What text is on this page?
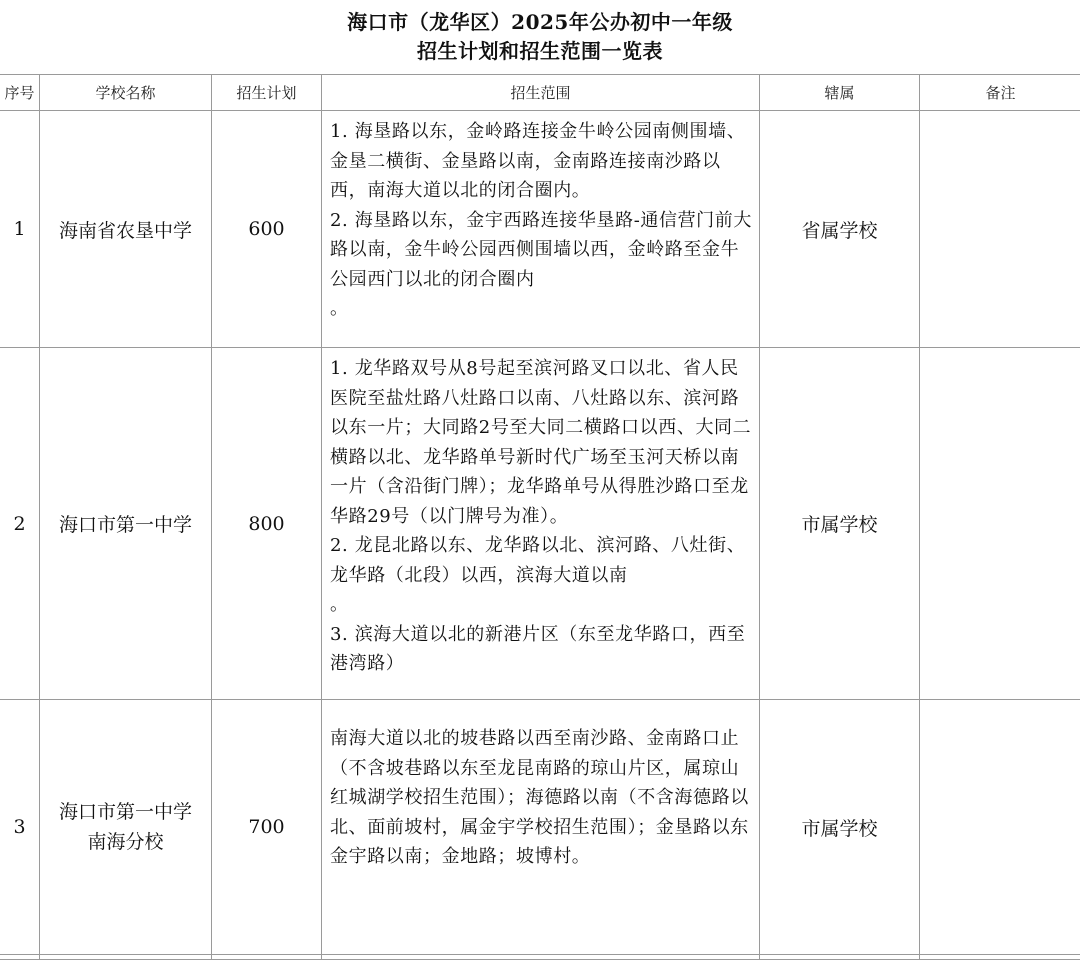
海口市（龙华区）2025年公办初中一年级
招生计划和招生范围一览表
序号	学校名称	招生计划	招生范围	辖属	备注
1	海南省农垦中学	600	1. 海垦路以东，金岭路连接金牛岭公园南侧围墙、金垦二横街、金垦路以南，金南路连接南沙路以西，南海大道以北的闭合圈内。

2. 海垦路以东，金宇西路连接华垦路-通信营门前大路以南，金牛岭公园西侧围墙以西，金岭路至金牛公园西门以北的闭合圈内

。	省属学校	
2	海口市第一中学	800	1. 龙华路双号从8号起至滨河路叉口以北、省人民医院至盐灶路八灶路口以南、八灶路以东、滨河路以东一片；大同路2号至大同二横路口以西、大同二横路以北、龙华路单号新时代广场至玉河天桥以南一片（含沿街门牌）；龙华路单号从得胜沙路口至龙华路29号（以门牌号为准）。

2. 龙昆北路以东、龙华路以北、滨河路、八灶街、龙华路（北段）以西，滨海大道以南

。

3. 滨海大道以北的新港片区（东至龙华路口，西至港湾路）	市属学校	
3	海口市第一中学
南海分校	700	南海大道以北的坡巷路以西至南沙路、金南路口止（不含坡巷路以东至龙昆南路的琼山片区，属琼山红城湖学校招生范围）；海德路以南（不含海德路以北、面前坡村，属金宇学校招生范围）；金垦路以东金宇路以南；金地路；坡博村。	市属学校	
